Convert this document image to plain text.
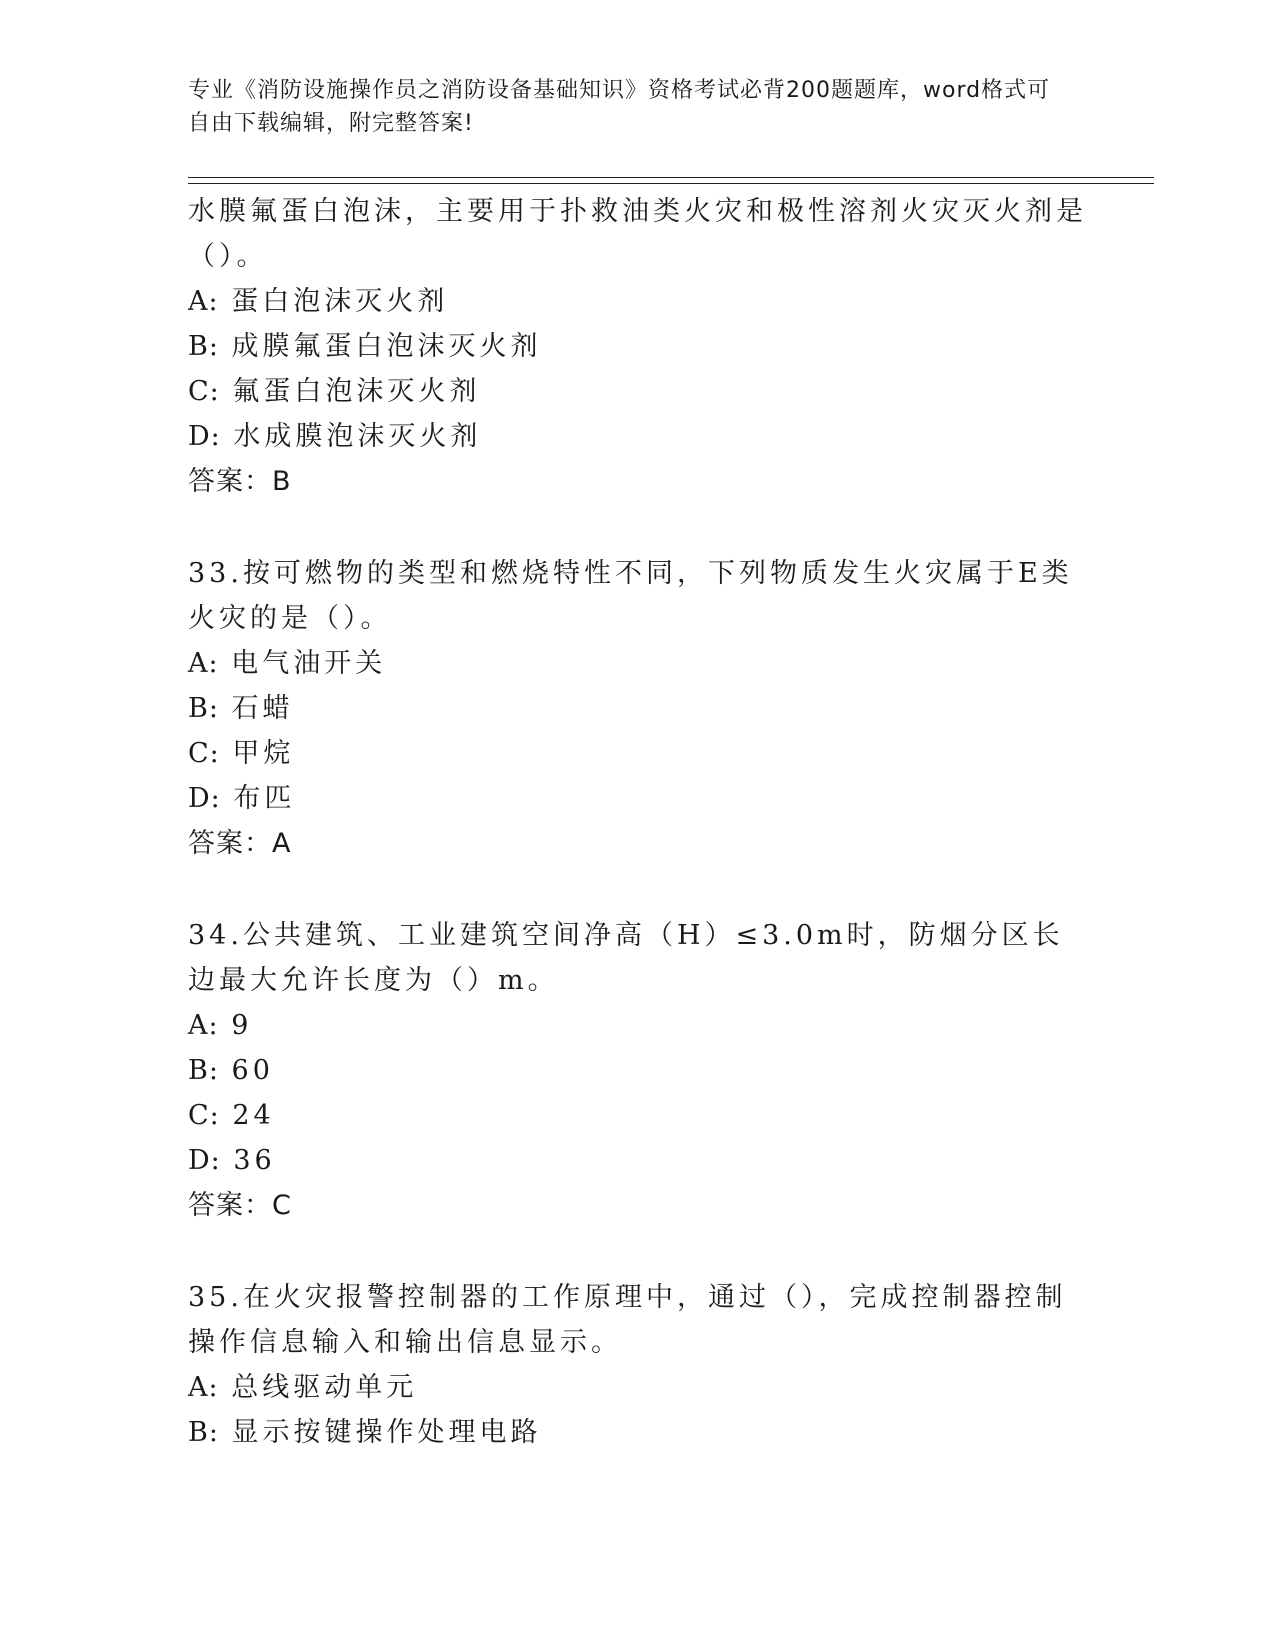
专业《消防设施操作员之消防设备基础知识》资格考试必背200题题库，word格式可自由下载编辑，附完整答案!
水膜氟蛋白泡沫，主要用于扑救油类火灾和极性溶剂火灾灭火剂是（）。
A: 蛋白泡沫灭火剂
B: 成膜氟蛋白泡沫灭火剂
C: 氟蛋白泡沫灭火剂
D: 水成膜泡沫灭火剂
答案：B
33.按可燃物的类型和燃烧特性不同，下列物质发生火灾属于E类火灾的是（）。
A: 电气油开关
B: 石蜡
C: 甲烷
D: 布匹
答案：A
34.公共建筑、工业建筑空间净高（H）≤3.0m时，防烟分区长边最大允许长度为（）m。
A: 9
B: 60
C: 24
D: 36
答案：C
35.在火灾报警控制器的工作原理中，通过（），完成控制器控制操作信息输入和输出信息显示。
A: 总线驱动单元
B: 显示按键操作处理电路
